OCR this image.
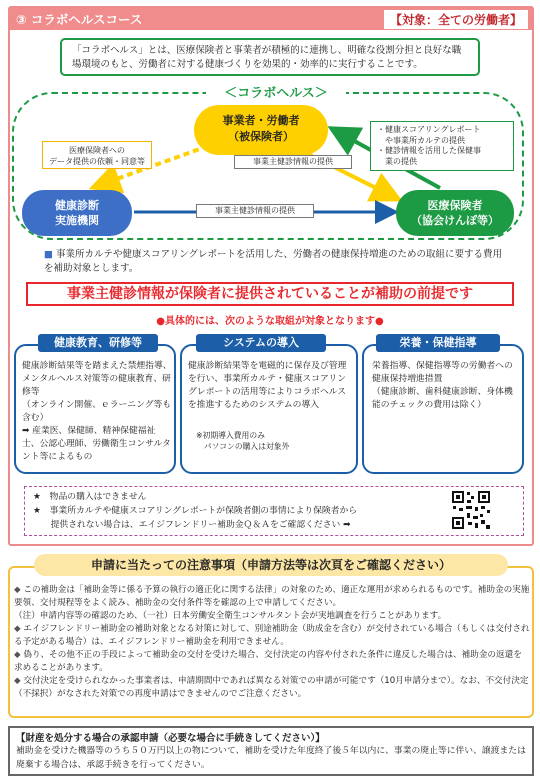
③ コラボヘルスコース	【対象：全ての労働者】
「コラボヘルス」とは、医療保険者と事業者が積極的に連携し、明確な役割分担と良好な職場環境のもと、労働者に対する健康づくりを効果的・効率的に実行することです。
＜コラボヘルス＞
事業者・労働者
（被保険者）
健康診断
実施機関
医療保険者
（協会けんぽ等）
医療保険者への
データ提供の依頼・同意等	事業主健診情報の提供
事業主健診情報の提供
・健康スコアリングレポート
　や事業所カルテの提供
・健診情報を活用した保健事
　業の提供
■ 事業所カルテや健康スコアリングレポートを活用した、労働者の健康保持増進のための取組に要する費用を補助対象とします。
事業主健診情報が保険者に提供されていることが補助の前提です
●具体的には、次のような取組が対象となります●
健康教育、研修等	システムの導入	栄養・保健指導
健康診断結果等を踏まえた禁煙指導、メンタルヘルス対策等の健康教育、研修等
（オンライン開催、ｅラーニング等も含む）
➡ 産業医、保健師、精神保健福祉士、公認心理師、労働衛生コンサルタント等によるもの
健康診断結果等を電磁的に保存及び管理を行い、事業所カルテ・健康スコアリングレポートの活用等によりコラボヘルスを推進するためのシステムの導入
※初期導入費用のみ
　パソコンの購入は対象外
栄養指導、保健指導等の労働者への健康保持増進措置
（健康診断、歯科健康診断、身体機能のチェックの費用は除く）
★　物品の購入はできません
★　事業所カルテや健康スコアリングレポートが保険者側の事情により保険者から
　　提供されない場合は、エイジフレンドリー補助金Ｑ＆Ａをご確認ください ➡
申請に当たっての注意事項（申請方法等は次頁をご確認ください）
◆ この補助金は「補助金等に係る予算の執行の適正化に関する法律」の対象のため、適正な運用が求められるものです。補助金の実施要領、交付規程等をよく読み、補助金の交付条件等を確認の上で申請してください。
（注）申請内容等の確認のため、（一社）日本労働安全衛生コンサルタント会が実地調査を行うことがあります。
◆ エイジフレンドリー補助金の補助対象となる対策に対して、別途補助金（助成金を含む）が交付されている場合（もしくは交付される予定がある場合）は、エイジフレンドリー補助金を利用できません。
◆ 偽り、その他不正の手段によって補助金の交付を受けた場合、交付決定の内容や付された条件に違反した場合は、補助金の返還を求めることがあります。
◆ 交付決定を受けられなかった事業者は、申請期間中であれば異なる対策での申請が可能です（10月申請分まで）。なお、不交付決定（不採択）がなされた対策での再度申請はできませんのでご注意ください。
【財産を処分する場合の承認申請（必要な場合に手続きしてください）】
補助金を受けた機器等のうち５０万円以上の物について、補助を受けた年度終了後５年以内に、事業の廃止等に伴い、譲渡または廃棄する場合は、承認手続きを行ってください。
